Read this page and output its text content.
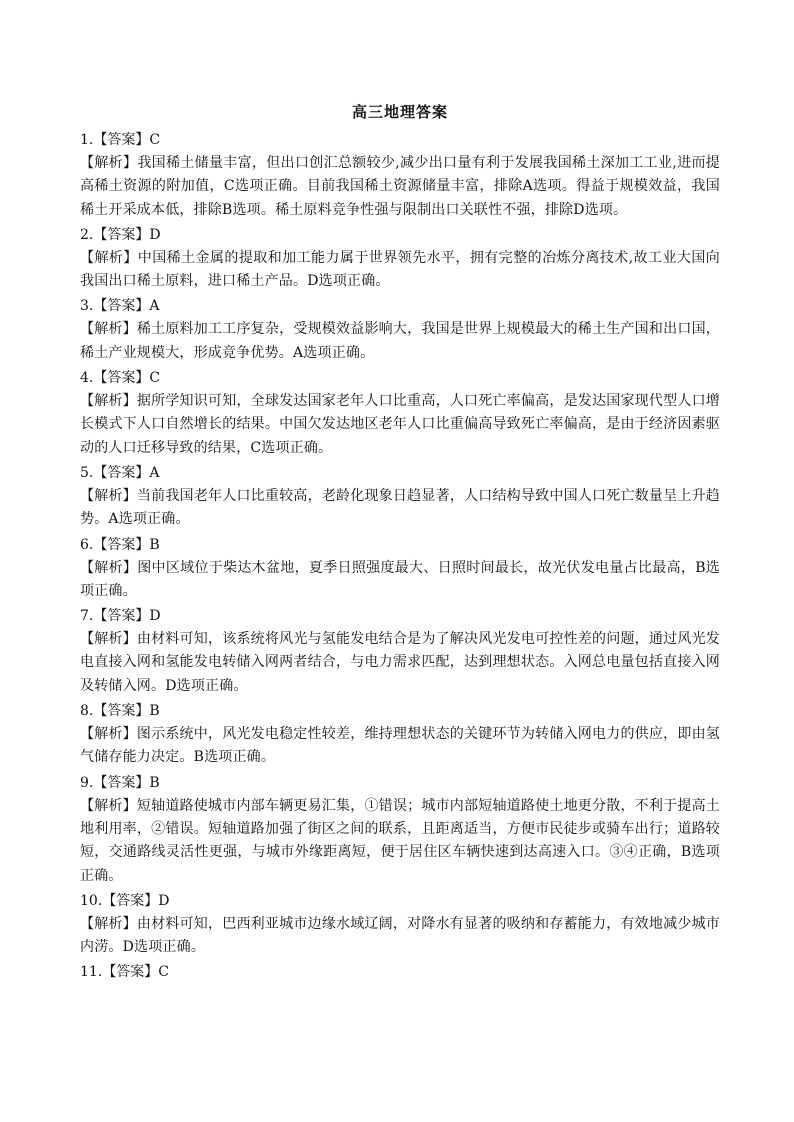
高三地理答案

1.【答案】C

【解析】我国稀土储量丰富，但出口创汇总额较少,减少出口量有利于发展我国稀土深加工工业,进而提高稀土资源的附加值，C选项正确。目前我国稀土资源储量丰富，排除A选项。得益于规模效益，我国稀土开采成本低，排除B选项。稀土原料竞争性强与限制出口关联性不强，排除D选项。

2.【答案】D

【解析】中国稀土金属的提取和加工能力属于世界领先水平，拥有完整的冶炼分离技术,故工业大国向我国出口稀土原料，进口稀土产品。D选项正确。

3.【答案】A

【解析】稀土原料加工工序复杂，受规模效益影响大，我国是世界上规模最大的稀土生产国和出口国，稀土产业规模大，形成竞争优势。A选项正确。

4.【答案】C

【解析】据所学知识可知，全球发达国家老年人口比重高，人口死亡率偏高，是发达国家现代型人口增长模式下人口自然增长的结果。中国欠发达地区老年人口比重偏高导致死亡率偏高，是由于经济因素驱动的人口迁移导致的结果，C选项正确。

5.【答案】A

【解析】当前我国老年人口比重较高，老龄化现象日趋显著，人口结构导致中国人口死亡数量呈上升趋势。A选项正确。

6.【答案】B

【解析】图中区域位于柴达木盆地，夏季日照强度最大、日照时间最长，故光伏发电量占比最高，B选项正确。

7.【答案】D

【解析】由材料可知，该系统将风光与氢能发电结合是为了解决风光发电可控性差的问题，通过风光发电直接入网和氢能发电转储入网两者结合，与电力需求匹配，达到理想状态。入网总电量包括直接入网及转储入网。D选项正确。

8.【答案】B

【解析】图示系统中，风光发电稳定性较差，维持理想状态的关键环节为转储入网电力的供应，即由氢气储存能力决定。B选项正确。

9.【答案】B

【解析】短轴道路使城市内部车辆更易汇集，①错误；城市内部短轴道路使土地更分散，不利于提高土地利用率，②错误。短轴道路加强了街区之间的联系，且距离适当，方便市民徒步或骑车出行；道路较短，交通路线灵活性更强，与城市外缘距离短，便于居住区车辆快速到达高速入口。③④正确，B选项正确。

10.【答案】D

【解析】由材料可知，巴西利亚城市边缘水域辽阔，对降水有显著的吸纳和存蓄能力，有效地减少城市内涝。D选项正确。

11.【答案】C
